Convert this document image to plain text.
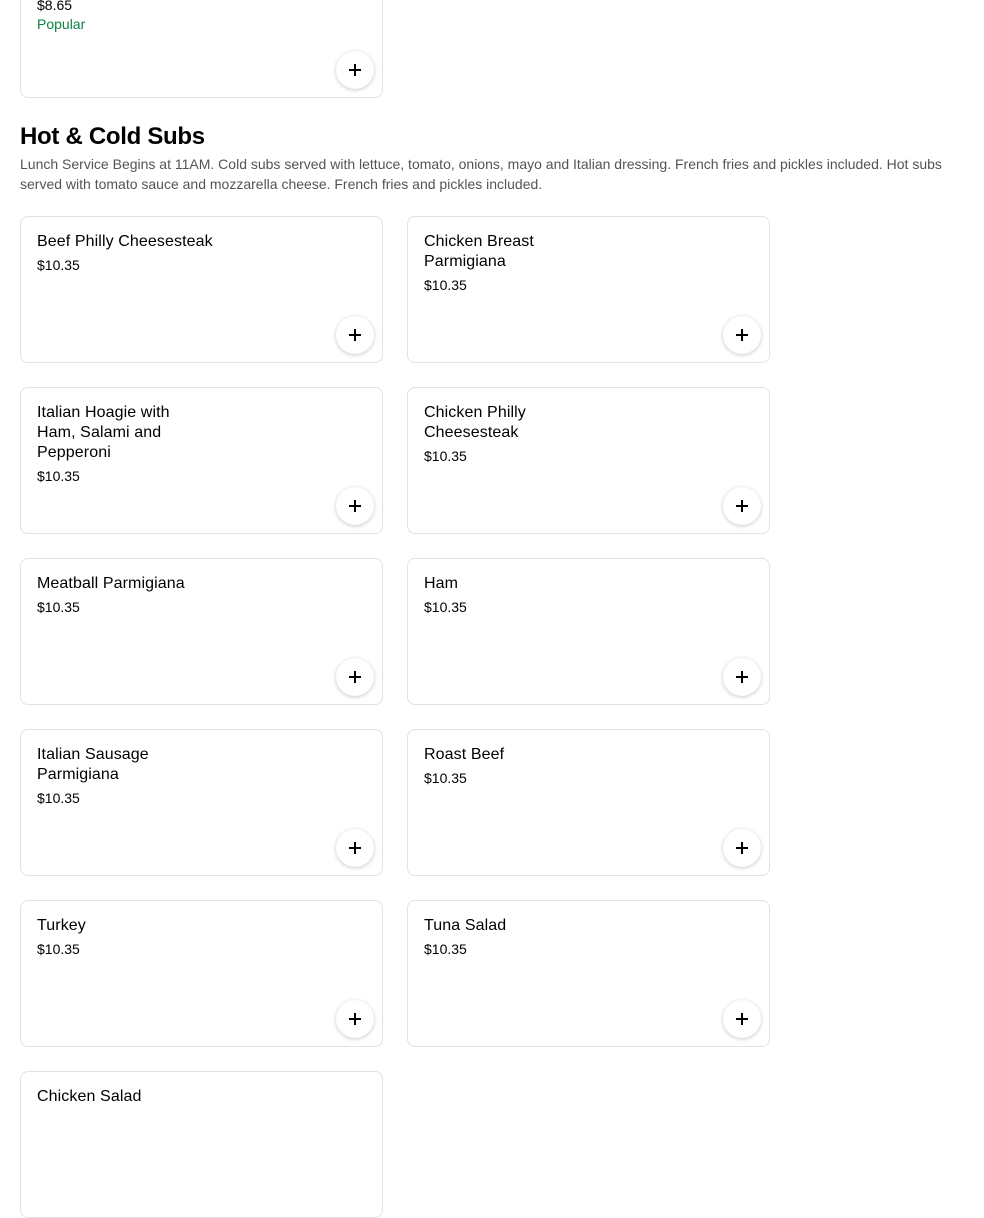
$8.65
Popular
Hot & Cold Subs

Lunch Service Begins at 11AM. Cold subs served with lettuce, tomato, onions, mayo and Italian dressing. French fries and pickles included. Hot subs served with tomato sauce and mozzarella cheese. French fries and pickles included.

Beef Philly Cheesesteak
$10.35
Chicken Breast Parmigiana
$10.35
Italian Hoagie with Ham, Salami and Pepperoni
$10.35
Chicken Philly Cheesesteak
$10.35
Meatball Parmigiana
$10.35
Ham
$10.35
Italian Sausage Parmigiana
$10.35
Roast Beef
$10.35
Turkey
$10.35
Tuna Salad
$10.35
Chicken Salad
